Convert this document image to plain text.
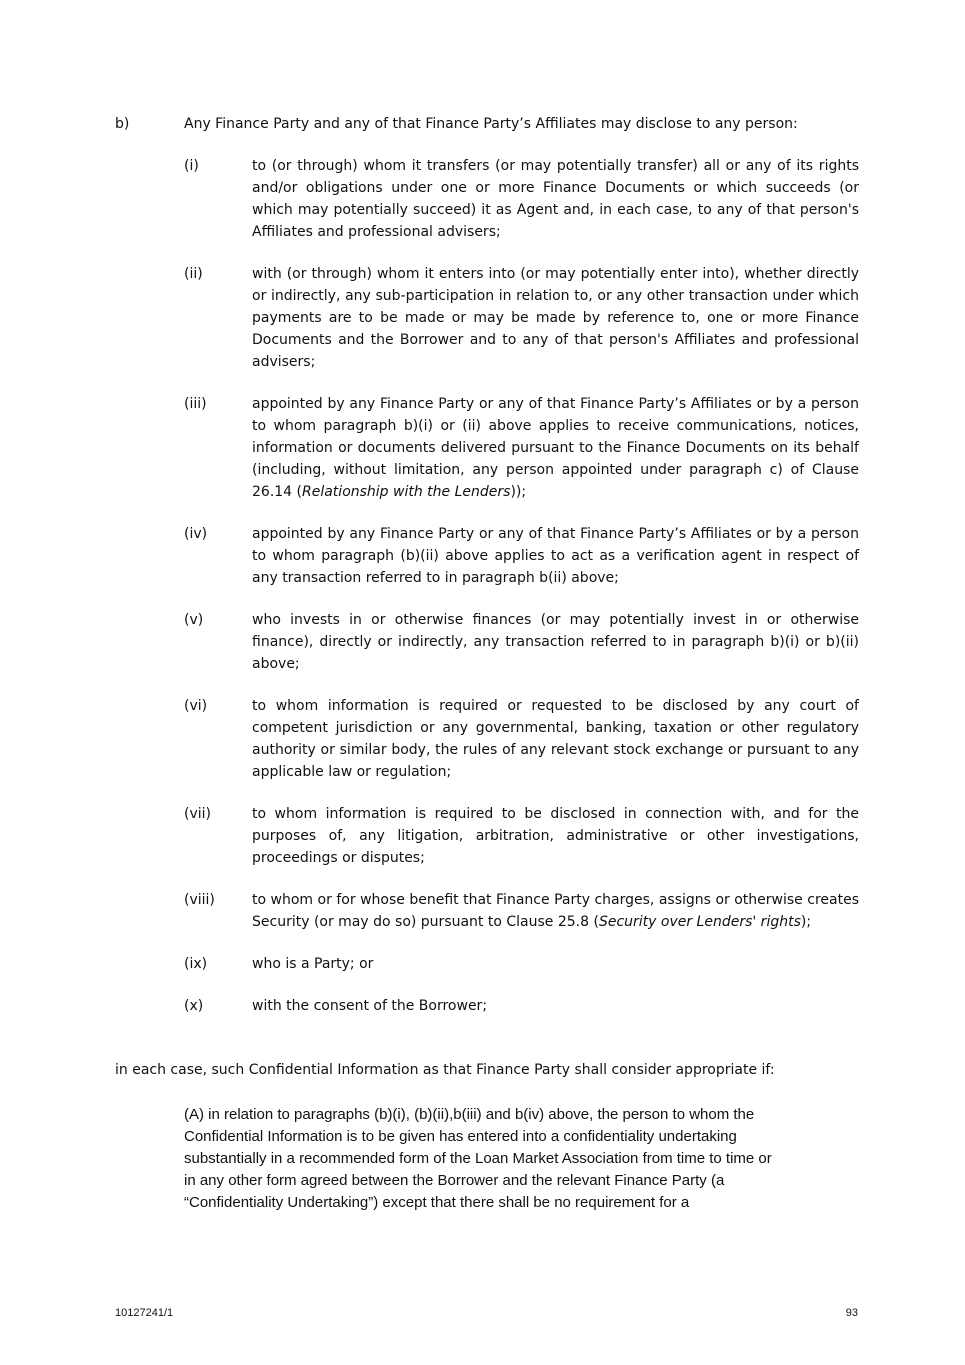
b)	Any Finance Party and any of that Finance Party’s Affiliates may disclose to any person:
(i)	to (or through) whom it transfers (or may potentially transfer) all or any of its rights and/or obligations under one or more Finance Documents or which succeeds (or which may potentially succeed) it as Agent and, in each case, to any of that person's Affiliates and professional advisers;
(ii)	with (or through) whom it enters into (or may potentially enter into), whether directly or indirectly, any sub-participation in relation to, or any other transaction under which payments are to be made or may be made by reference to, one or more Finance Documents and the Borrower and to any of that person's Affiliates and professional advisers;
(iii)	appointed by any Finance Party or any of that Finance Party’s Affiliates or by a person to whom paragraph b)(i) or (ii) above applies to receive communications, notices, information or documents delivered pursuant to the Finance Documents on its behalf (including, without limitation, any person appointed under paragraph c) of Clause 26.14 (Relationship with the Lenders));
(iv)	appointed by any Finance Party or any of that Finance Party’s Affiliates or by a person to whom paragraph (b)(ii) above applies to act as a verification agent in respect of any transaction referred to in paragraph b(ii) above;
(v)	who invests in or otherwise finances (or may potentially invest in or otherwise finance), directly or indirectly, any transaction referred to in paragraph b)(i) or b)(ii) above;
(vi)	to whom information is required or requested to be disclosed by any court of competent jurisdiction or any governmental, banking, taxation or other regulatory authority or similar body, the rules of any relevant stock exchange or pursuant to any applicable law or regulation;
(vii)	to whom information is required to be disclosed in connection with, and for the purposes of, any litigation, arbitration, administrative or other investigations, proceedings or disputes;
(viii)	to whom or for whose benefit that Finance Party charges, assigns or otherwise creates Security (or may do so) pursuant to Clause 25.8 (Security over Lenders' rights);
(ix)	who is a Party; or
(x)	with the consent of the Borrower;
in each case, such Confidential Information as that Finance Party shall consider appropriate if:
(A) in relation to paragraphs (b)(i), (b)(ii),b(iii) and b(iv) above, the person to whom the
Confidential Information is to be given has entered into a confidentiality undertaking
substantially in a recommended form of the Loan Market Association from time to time or
in any other form agreed between the Borrower and the relevant Finance Party (a
“Confidentiality Undertaking”) except that there shall be no requirement for a
10127241/1	93
